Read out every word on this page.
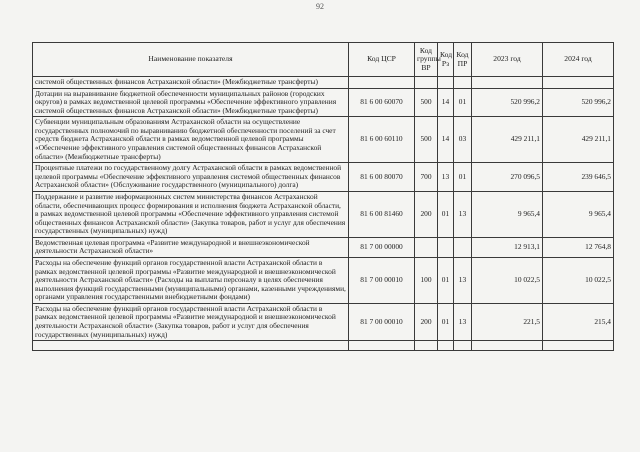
92
Наименование показателя	Код ЦСР	Код группы ВР	Код Рз	Код ПР	2023 год	2024 год
системой общественных финансов Астраханской области» (Межбюджетные трансферты)						
Дотации на выравнивание бюджетной обеспеченности муниципальных районов (городских округов) в рамках ведомственной целевой программы «Обеспечение эффективного управления системой общественных финансов Астраханской области» (Межбюджетные трансферты)	81 6 00 60070	500	14	01	520 996,2	520 996,2
Субвенции муниципальным образованиям Астраханской области на осуществление государственных полномочий по выравниванию бюджетной обеспеченности поселений за счет средств бюджета Астраханской области в рамках ведомственной целевой программы «Обеспечение эффективного управления системой общественных финансов Астраханской области» (Межбюджетные трансферты)	81 6 00 60110	500	14	03	429 211,1	429 211,1
Процентные платежи по государственному долгу Астраханской области в рамках ведомственной целевой программы «Обеспечение эффективного управления системой общественных финансов Астраханской области» (Обслуживание государственного (муниципального) долга)	81 6 00 80070	700	13	01	270 096,5	239 646,5
Поддержание и развитие информационных систем министерства финансов Астраханской области, обеспечивающих процесс формирования и исполнения бюджета Астраханской области, в рамках ведомственной целевой программы «Обеспечение эффективного управления системой общественных финансов Астраханской области» (Закупка товаров, работ и услуг для обеспечения государственных (муниципальных) нужд)	81 6 00 81460	200	01	13	9 965,4	9 965,4
Ведомственная целевая программа «Развитие международной и внешнеэкономической деятельности Астраханской области»	81 7 00 00000				12 913,1	12 764,8
Расходы на обеспечение функций органов государственной власти Астраханской области в рамках ведомственной целевой программы «Развитие международной и внешнеэкономической деятельности Астраханской области» (Расходы на выплаты персоналу в целях обеспечения выполнения функций государственными (муниципальными) органами, казенными учреждениями, органами управления государственными внебюджетными фондами)	81 7 00 00010	100	01	13	10 022,5	10 022,5
Расходы на обеспечение функций органов государственной власти Астраханской области в рамках ведомственной целевой программы «Развитие международной и внешнеэкономической деятельности Астраханской области» (Закупка товаров, работ и услуг для обеспечения государственных (муниципальных) нужд)	81 7 00 00010	200	01	13	221,5	215,4
